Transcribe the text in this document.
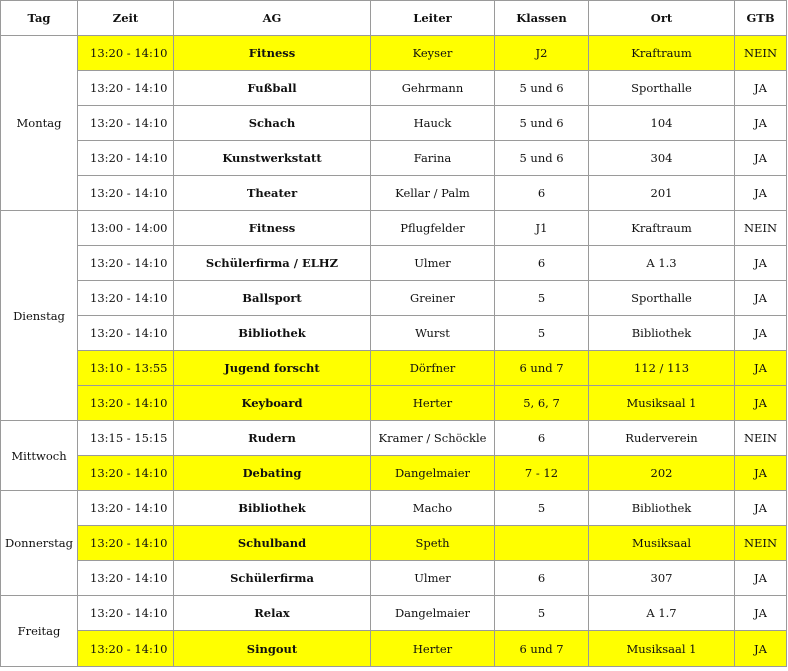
Tag	Zeit	AG	Leiter	Klassen	Ort	GTB
Montag	13:20 - 14:10	Fitness	Keyser	J2	Kraftraum	NEIN
	13:20 - 14:10	Fußball	Gehrmann	5 und 6	Sporthalle	JA
	13:20 - 14:10	Schach	Hauck	5 und 6	104	JA
	13:20 - 14:10	Kunstwerkstatt	Farina	5 und 6	304	JA
	13:20 - 14:10	Theater	Kellar / Palm	6	201	JA
Dienstag	13:00 - 14:00	Fitness	Pflugfelder	J1	Kraftraum	NEIN
	13:20 - 14:10	Schülerfirma / ELHZ	Ulmer	6	A 1.3	JA
	13:20 - 14:10	Ballsport	Greiner	5	Sporthalle	JA
	13:20 - 14:10	Bibliothek	Wurst	5	Bibliothek	JA
	13:10 - 13:55	Jugend forscht	Dörfner	6 und 7	112 / 113	JA
	13:20 - 14:10	Keyboard	Herter	5, 6, 7	Musiksaal 1	JA
Mittwoch	13:15 - 15:15	Rudern	Kramer / Schöckle	6	Ruderverein	NEIN
	13:20 - 14:10	Debating	Dangelmaier	7 - 12	202	JA
Donnerstag	13:20 - 14:10	Bibliothek	Macho	5	Bibliothek	JA
	13:20 - 14:10	Schulband	Speth		Musiksaal	NEIN
	13:20 - 14:10	Schülerfirma	Ulmer	6	307	JA
Freitag	13:20 - 14:10	Relax	Dangelmaier	5	A 1.7	JA
	13:20 - 14:10	Singout	Herter	6 und 7	Musiksaal 1	JA
